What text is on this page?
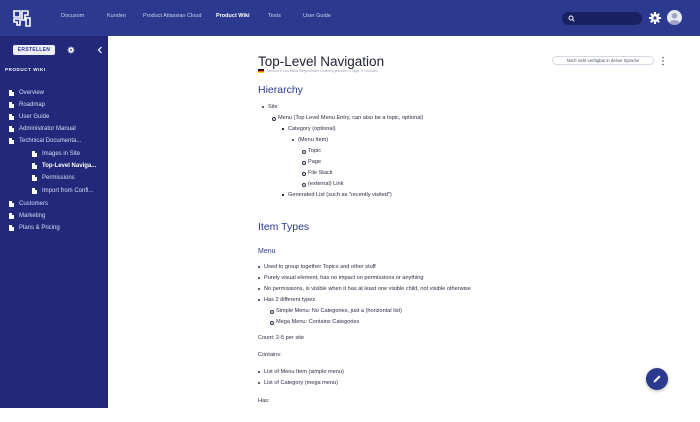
Docusom	Kunden	Product Atlassian Cloud	Product Wiki	Tests	User Guide
ERSTELLEN
PRODUCT WIKI
Overview
Roadmap
User Guide
Administrator Manual
Technical Documenta...
Images in Site
Top-Level Naviga...
Permissions
Import from Confl...
Customers
Marketing
Plans & Pricing
Top-Level Navigation
Version 5 von Mara Siegenthaler Grabelli geändert 4 Tage, 5 Stunden
Noch nicht verfügbar in deiner Sprache
Hierarchy
Site
Menu (Top Level Menu Entry, can also be a topic, optional)
Category (optional)
(Menu Item)
Topic
Page
File Stack
(external) Link
Generated List (such as "recently visited")
Item Types
Menu
Used to group together Topics and other stuff
Purely visual element, has no impact on permissions or anything
No permissions, is visible when it has at least one visible child, not visible otherwise
Has 2 different types
Simple Menu: No Categories, just a (horizontal list)
Mega Menu: Contains Categories
Count: 2-5 per site
Contains:
List of Menu Item (simple menu)
List of Category (mega menu)
Has:
